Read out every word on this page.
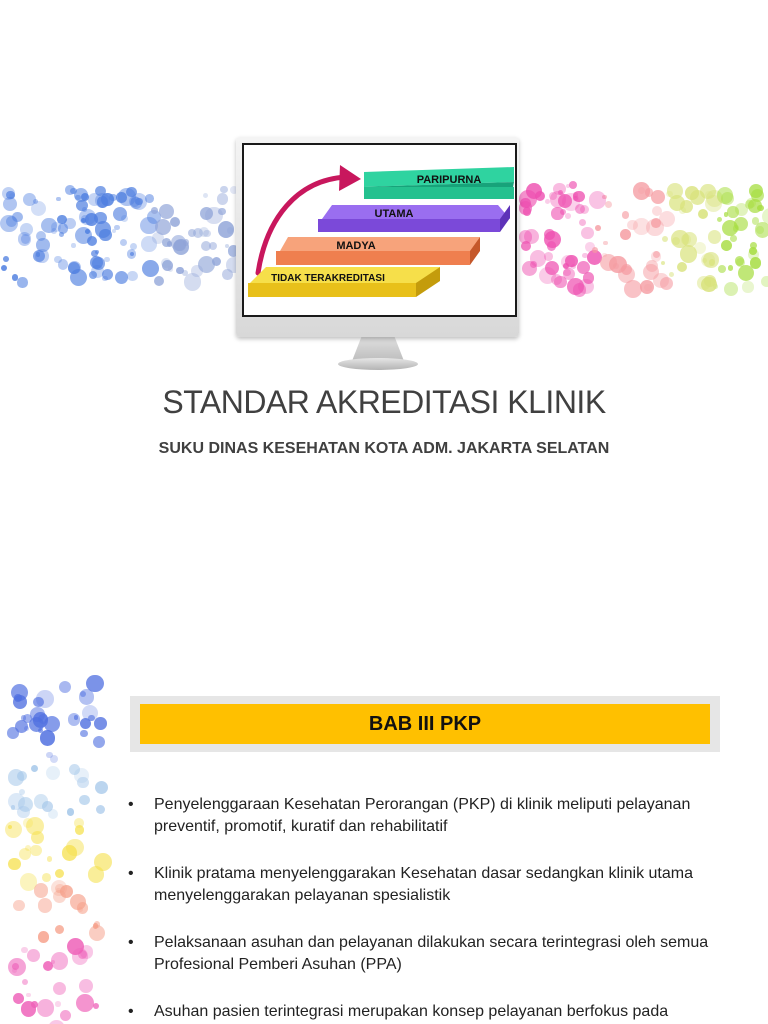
PARIPURNA
UTAMA
MADYA
TIDAK TERAKREDITASI
STANDAR AKREDITASI KLINIK
SUKU DINAS KESEHATAN KOTA ADM. JAKARTA SELATAN
BAB III PKP
• Penyelenggaraan Kesehatan Perorangan (PKP) di klinik meliputi pelayanan preventif, promotif, kuratif dan rehabilitatif
• Klinik pratama menyelenggarakan Kesehatan dasar sedangkan klinik utama menyelenggarakan pelayanan spesialistik
• Pelaksanaan asuhan dan pelayanan dilakukan secara terintegrasi oleh semua Profesional Pemberi Asuhan (PPA)
• Asuhan pasien terintegrasi merupakan konsep pelayanan berfokus pada
